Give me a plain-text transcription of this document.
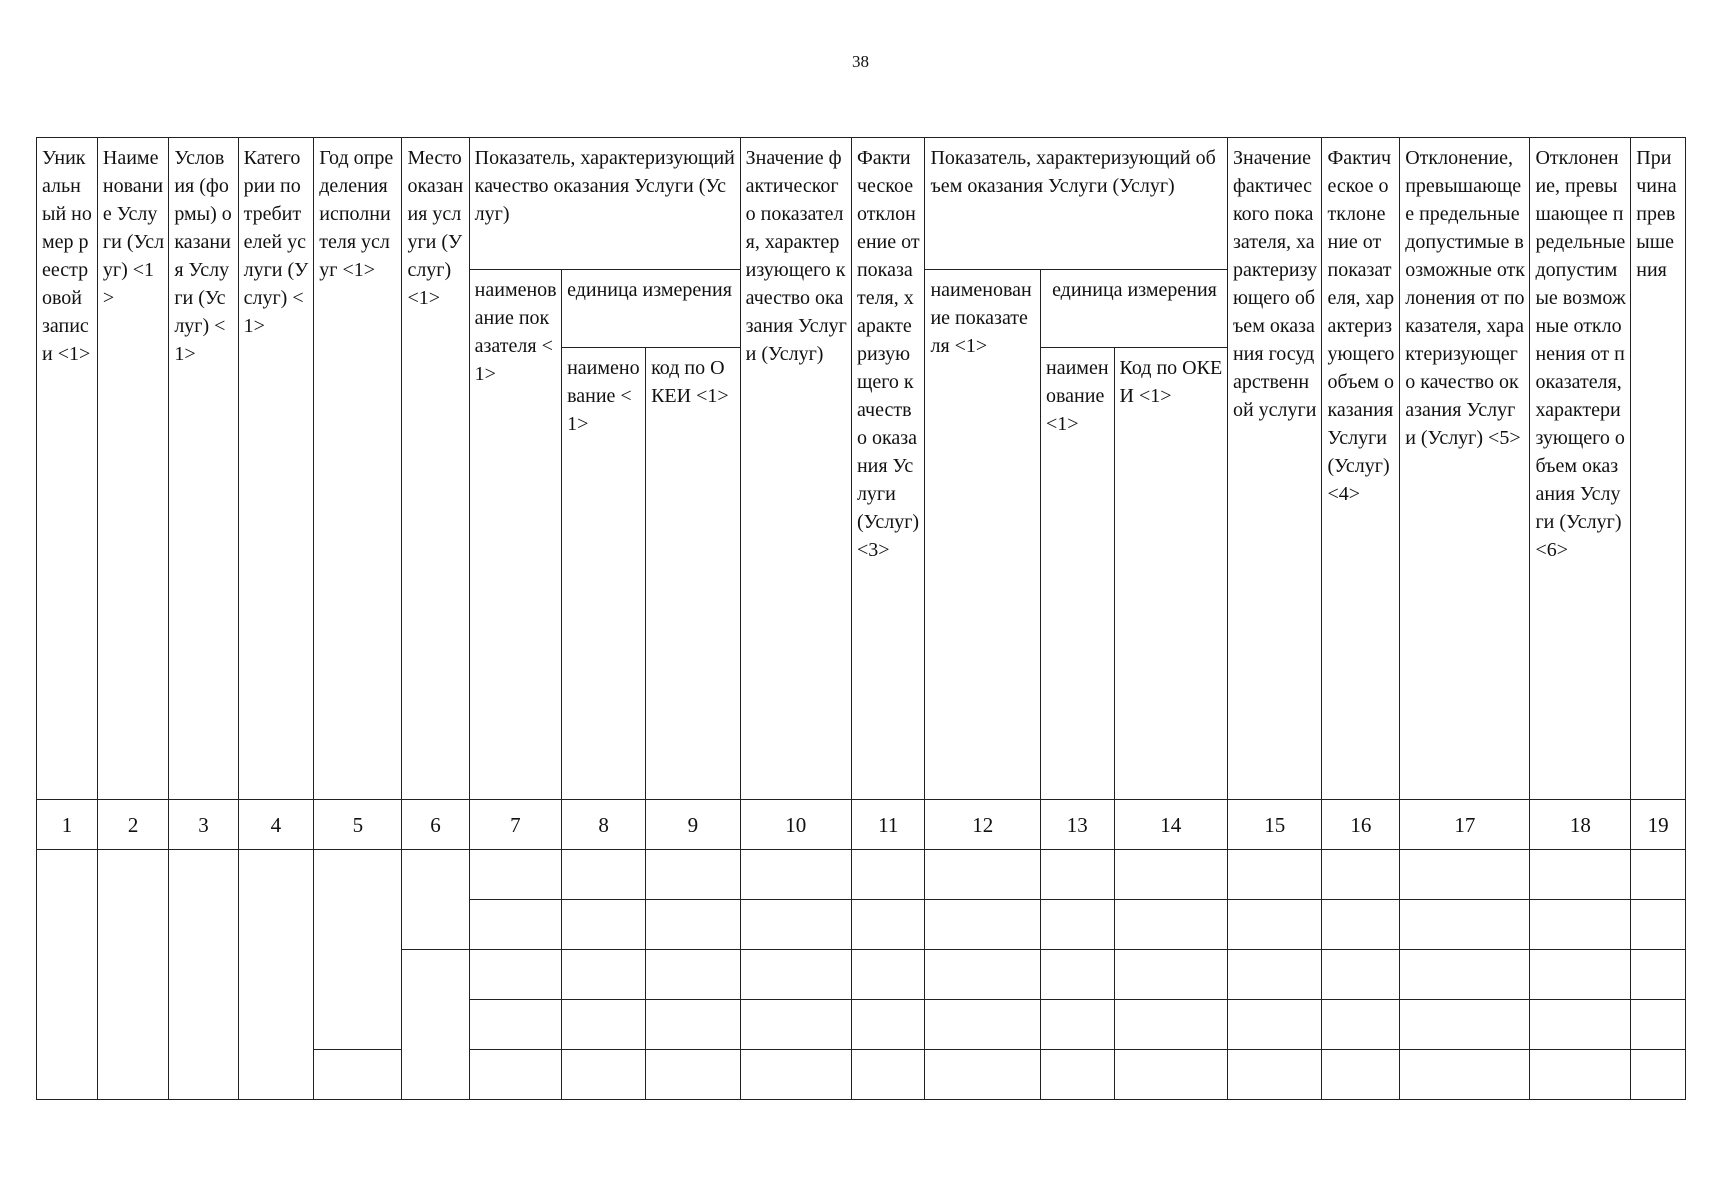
38
Уникальный номер реестровой записи <1>	Наименование Услуги (Услуг) <1>	Условия (формы) оказания Услуги (Услуг) <1>	Категории потребителей услуги (Услуг) <1>	Год определения исполнителя услуг <1>	Место оказания услуги (Услуг) <1>	Показатель, характеризующий качество оказания Услуги (Услуг)			Значение фактического показателя, характеризующего качество оказания Услуги (Услуг)	Фактическое отклонение от показателя, характеризующего качество оказания Услуги (Услуг) <3>	Показатель, характеризующий объем оказания Услуги (Услуг)			Значение фактического показателя, характеризующего объем оказания государственной услуги	Фактическое отклонение от показателя, характеризующего объем оказания Услуги (Услуг) <4>	Отклонение, превышающее предельные допустимые возможные отклонения от показателя, характеризующего качество оказания Услуги (Услуг) <5>	Отклонение, превышающее предельные допустимые возможные отклонения от показателя, характеризующего объем оказания Услуги (Услуг) <6>	Причина превышения
						наименование показателя <1>	единица измерения				наименование показателя <1>	единица измерения						
							наименование <1>	код по ОКЕИ <1>				наименование <1>	Код по ОКЕИ <1>					
1	2	3	4	5	6	7	8	9	10	11	12	13	14	15	16	17	18	19
